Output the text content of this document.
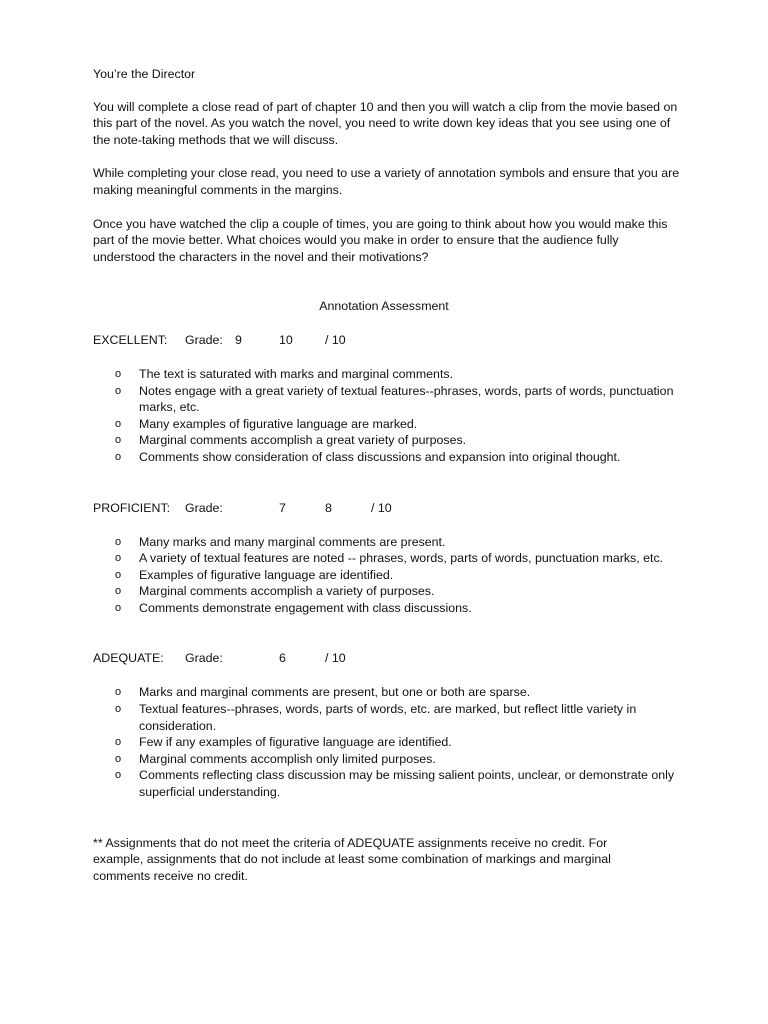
You’re the Director

You will complete a close read of part of chapter 10 and then you will watch a clip from the movie based on this part of the novel. As you watch the novel, you need to write down key ideas that you see using one of the note-taking methods that we will discuss.

While completing your close read, you need to use a variety of annotation symbols and ensure that you are making meaningful comments in the margins.

Once you have watched the clip a couple of times, you are going to think about how you would make this part of the movie better. What choices would you make in order to ensure that the audience fully understood the characters in the novel and their motivations?

Annotation Assessment

EXCELLENT: Grade: 9	10	/ 10
o The text is saturated with marks and marginal comments.
o Notes engage with a great variety of textual features--phrases, words, parts of words, punctuation marks, etc.
o Many examples of figurative language are marked.
o Marginal comments accomplish a great variety of purposes.
o Comments show consideration of class discussions and expansion into original thought.
PROFICIENT: Grade:	7	8	/ 10
o Many marks and many marginal comments are present.
o A variety of textual features are noted -- phrases, words, parts of words, punctuation marks, etc.
o Examples of figurative language are identified.
o Marginal comments accomplish a variety of purposes.
o Comments demonstrate engagement with class discussions.
ADEQUATE: Grade:	6	/ 10
o Marks and marginal comments are present, but one or both are sparse.
o Textual features--phrases, words, parts of words, etc. are marked, but reflect little variety in consideration.
o Few if any examples of figurative language are identified.
o Marginal comments accomplish only limited purposes.
o Comments reflecting class discussion may be missing salient points, unclear, or demonstrate only superficial understanding.

** Assignments that do not meet the criteria of ADEQUATE assignments receive no credit. For example, assignments that do not include at least some combination of markings and marginal comments receive no credit.
